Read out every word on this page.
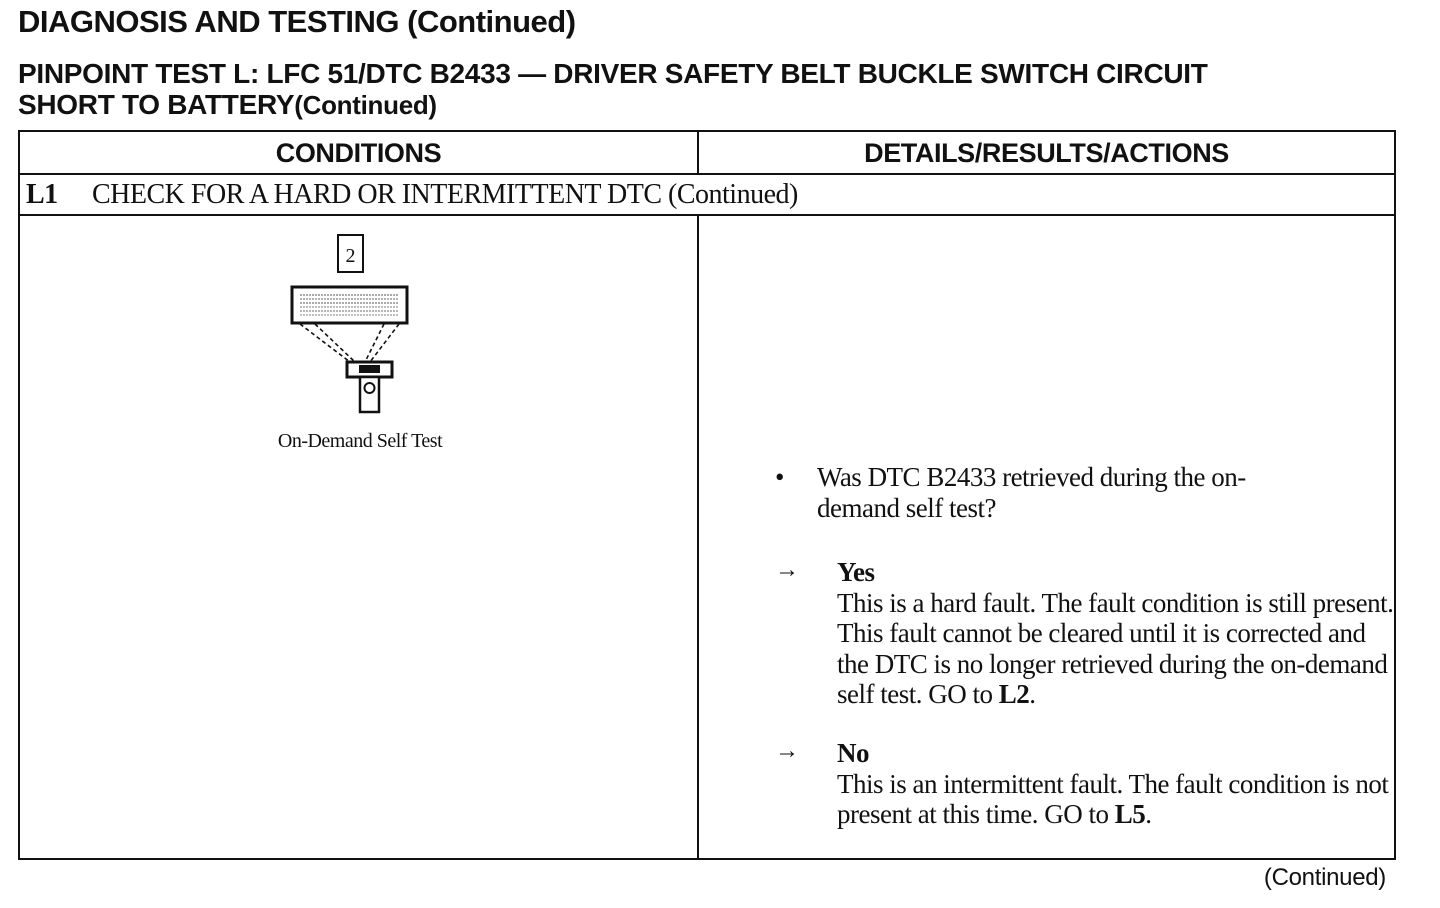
DIAGNOSIS AND TESTING (Continued)
PINPOINT TEST L: LFC 51/DTC B2433 — DRIVER SAFETY BELT BUCKLE SWITCH CIRCUIT
SHORT TO BATTERY(Continued)
CONDITIONS	DETAILS/RESULTS/ACTIONS
L1 CHECK FOR A HARD OR INTERMITTENT DTC (Continued)
2
On-Demand Self Test
• Was DTC B2433 retrieved during the on-demand self test?
→ Yes
This is a hard fault. The fault condition is still present. This fault cannot be cleared until it is corrected and the DTC is no longer retrieved during the on-demand self test. GO to L2.
→ No
This is an intermittent fault. The fault condition is not present at this time. GO to L5.
(Continued)
